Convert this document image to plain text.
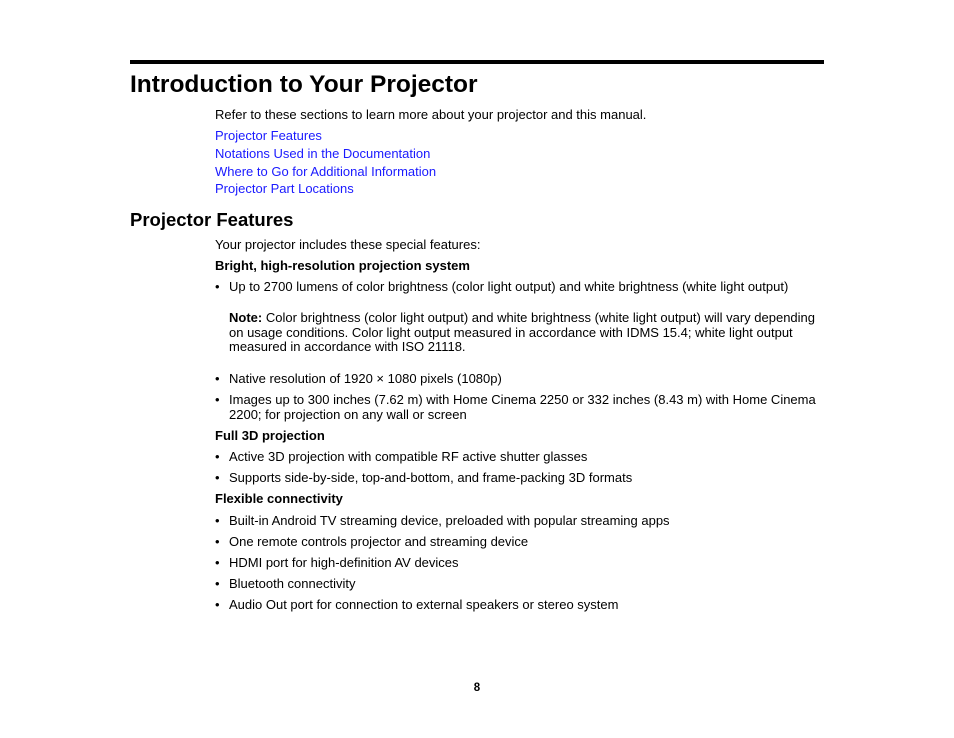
Introduction to Your Projector

Refer to these sections to learn more about your projector and this manual.

Projector Features
Notations Used in the Documentation
Where to Go for Additional Information
Projector Part Locations
Projector Features

Your projector includes these special features:

Bright, high-resolution projection system

• Up to 2700 lumens of color brightness (color light output) and white brightness (white light output)
Note: Color brightness (color light output) and white brightness (white light output) will vary depending
on usage conditions. Color light output measured in accordance with IDMS 15.4; white light output
measured in accordance with ISO 21118.
• Native resolution of 1920 × 1080 pixels (1080p)
• Images up to 300 inches (7.62 m) with Home Cinema 2250 or 332 inches (8.43 m) with Home Cinema

2200; for projection on any wall or screen

Full 3D projection

• Active 3D projection with compatible RF active shutter glasses
• Supports side-by-side, top-and-bottom, and frame-packing 3D formats

Flexible connectivity

• Built-in Android TV streaming device, preloaded with popular streaming apps
• One remote controls projector and streaming device
• HDMI port for high-definition AV devices
• Bluetooth connectivity
• Audio Out port for connection to external speakers or stereo system
8
